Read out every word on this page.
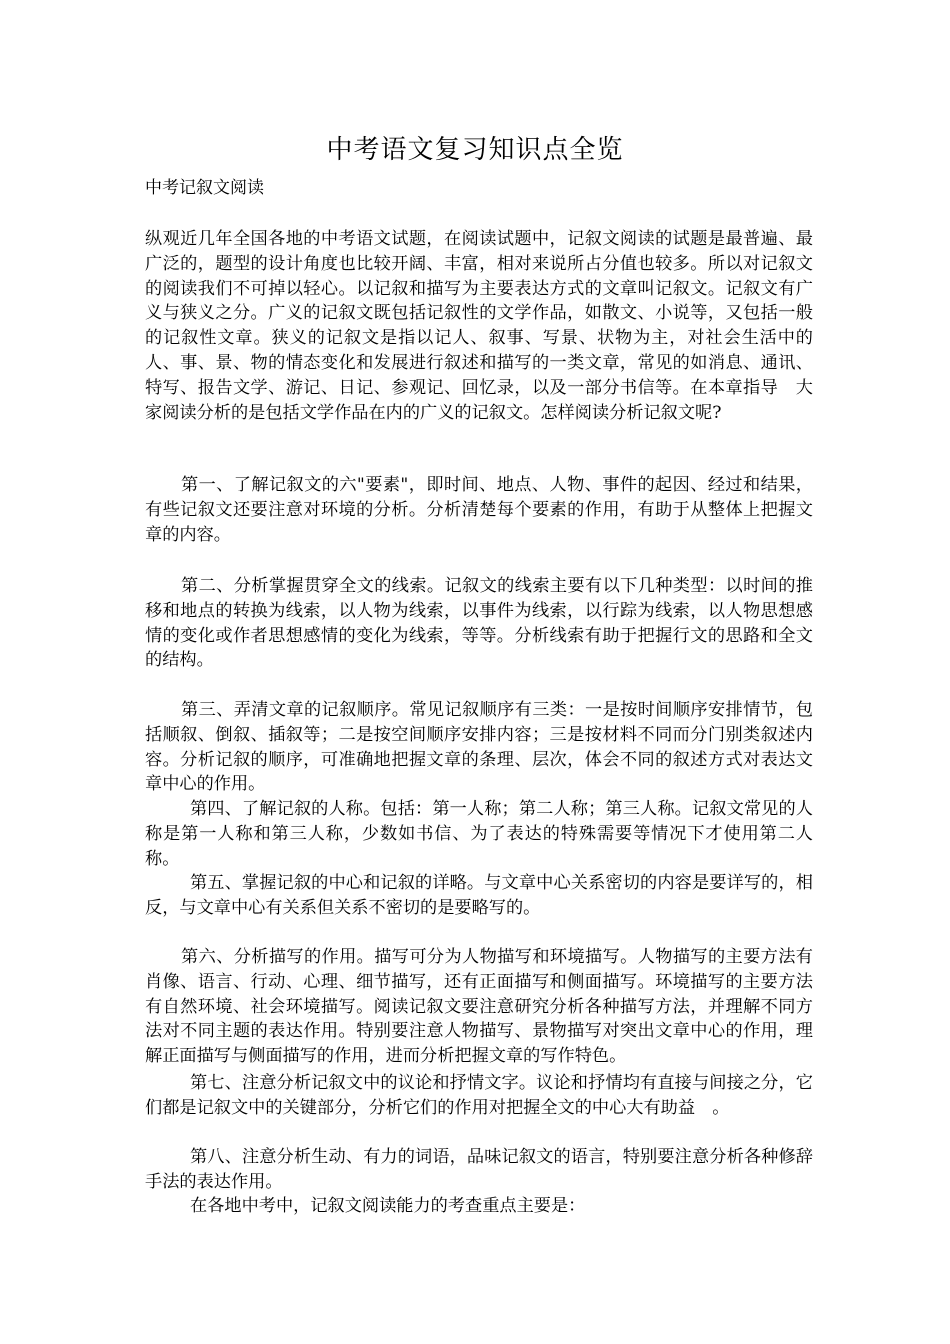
中考语文复习知识点全览
中考记叙文阅读

纵观近几年全国各地的中考语文试题，在阅读试题中，记叙文阅读的试题是最普遍、最广泛的，题型的设计角度也比较开阔、丰富，相对来说所占分值也较多。所以对记叙文的阅读我们不可掉以轻心。以记叙和描写为主要表达方式的文章叫记叙文。记叙文有广义与狭义之分。广义的记叙文既包括记叙性的文学作品，如散文、小说等，又包括一般的记叙性文章。狭义的记叙文是指以记人、叙事、写景、状物为主，对社会生活中的人、事、景、物的情态变化和发展进行叙述和描写的一类文章，常见的如消息、通讯、特写、报告文学、游记、日记、参观记、回忆录，以及一部分书信等。在本章指导　大家阅读分析的是包括文学作品在内的广义的记叙文。怎样阅读分析记叙文呢?

第一、了解记叙文的六"要素"，即时间、地点、人物、事件的起因、经过和结果，有些记叙文还要注意对环境的分析。分析清楚每个要素的作用，有助于从整体上把握文章的内容。

第二、分析掌握贯穿全文的线索。记叙文的线索主要有以下几种类型：以时间的推移和地点的转换为线索，以人物为线索，以事件为线索，以行踪为线索，以人物思想感情的变化或作者思想感情的变化为线索，等等。分析线索有助于把握行文的思路和全文的结构。

第三、弄清文章的记叙顺序。常见记叙顺序有三类：一是按时间顺序安排情节，包括顺叙、倒叙、插叙等；二是按空间顺序安排内容；三是按材料不同而分门别类叙述内容。分析记叙的顺序，可准确地把握文章的条理、层次，体会不同的叙述方式对表达文章中心的作用。

第四、了解记叙的人称。包括：第一人称；第二人称；第三人称。记叙文常见的人称是第一人称和第三人称，少数如书信、为了表达的特殊需要等情况下才使用第二人称。

第五、掌握记叙的中心和记叙的详略。与文章中心关系密切的内容是要详写的，相反，与文章中心有关系但关系不密切的是要略写的。

第六、分析描写的作用。描写可分为人物描写和环境描写。人物描写的主要方法有肖像、语言、行动、心理、细节描写，还有正面描写和侧面描写。环境描写的主要方法有自然环境、社会环境描写。阅读记叙文要注意研究分析各种描写方法，并理解不同方法对不同主题的表达作用。特别要注意人物描写、景物描写对突出文章中心的作用，理解正面描写与侧面描写的作用，进而分析把握文章的写作特色。

第七、注意分析记叙文中的议论和抒情文字。议论和抒情均有直接与间接之分，它们都是记叙文中的关键部分，分析它们的作用对把握全文的中心大有助益　。

第八、注意分析生动、有力的词语，品味记叙文的语言，特别要注意分析各种修辞手法的表达作用。

在各地中考中，记叙文阅读能力的考查重点主要是：
